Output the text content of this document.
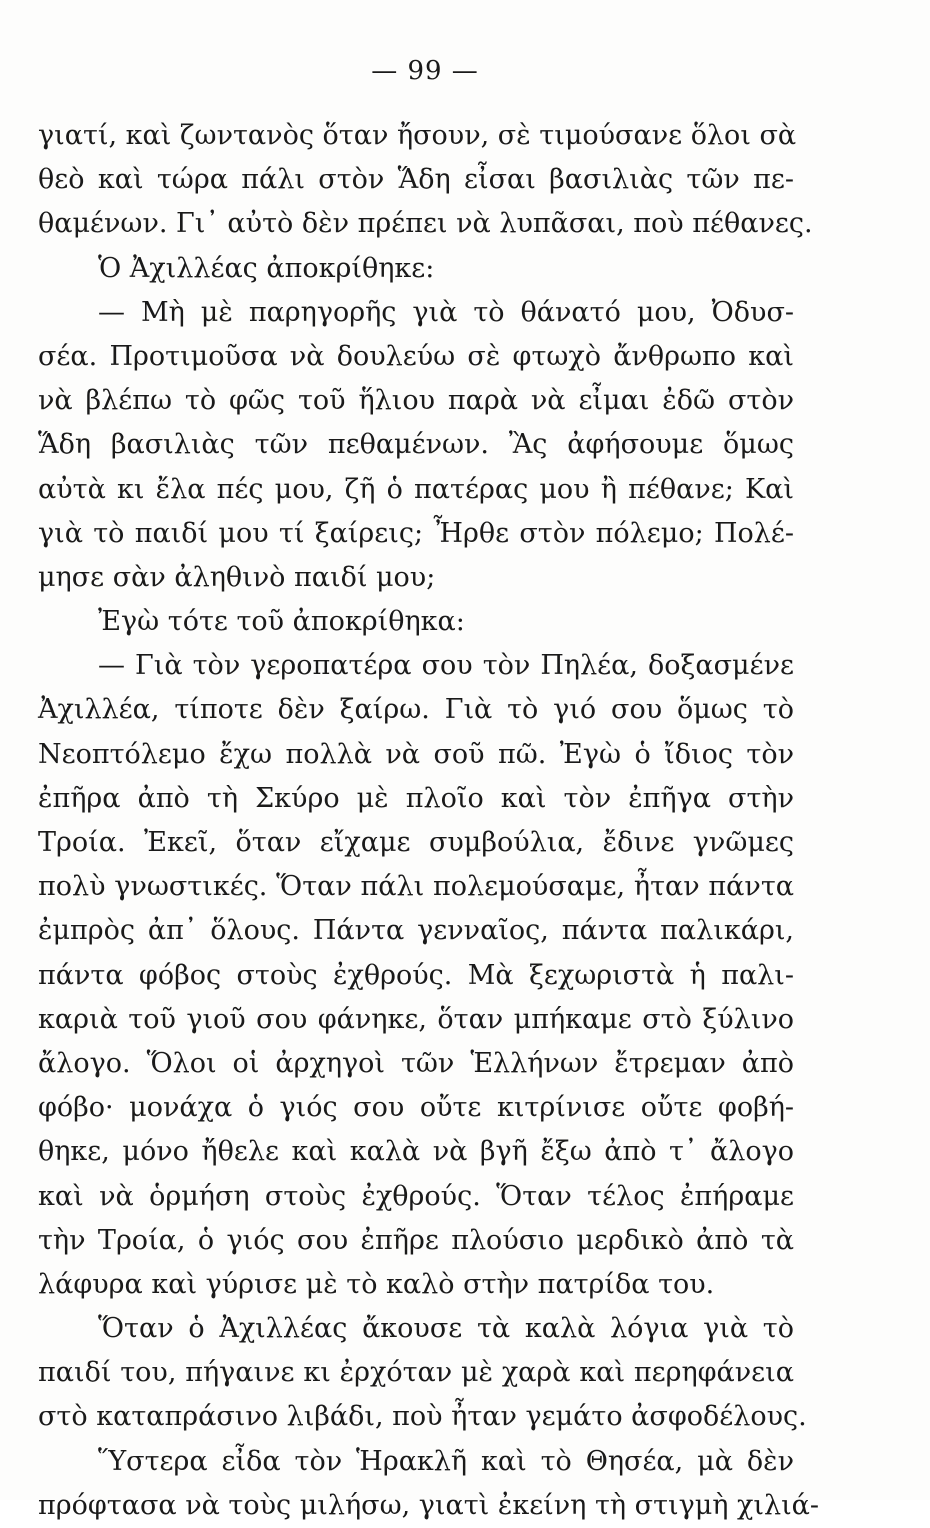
— 99 —
γιατί, καὶ ζωντανὸς ὅταν ἤσουν, σὲ τιμούσανε ὅλοι σὰ
θεὸ καὶ τώρα πάλι στὸν Ἅδη εἶσαι βασιλιὰς τῶν πε-
θαμένων. Γι᾽ αὐτὸ δὲν πρέπει νὰ λυπᾶσαι, ποὺ πέθανες.
Ὁ Ἀχιλλέας ἀποκρίθηκε:
— Μὴ μὲ παρηγορῆς γιὰ τὸ θάνατό μου, Ὀδυσ-
σέα. Προτιμοῦσα νὰ δουλεύω σὲ φτωχὸ ἄνθρωπο καὶ
νὰ βλέπω τὸ φῶς τοῦ ἥλιου παρὰ νὰ εἶμαι ἐδῶ στὸν
Ἅδη βασιλιὰς τῶν πεθαμένων. Ἂς ἀφήσουμε ὅμως
αὐτὰ κι ἔλα πές μου, ζῆ ὁ πατέρας μου ἢ πέθανε; Καὶ
γιὰ τὸ παιδί μου τί ξαίρεις; Ἦρθε στὸν πόλεμο; Πολέ-
μησε σὰν ἀληθινὸ παιδί μου;
Ἐγὼ τότε τοῦ ἀποκρίθηκα:
— Γιὰ τὸν γεροπατέρα σου τὸν Πηλέα, δοξασμένε
Ἀχιλλέα, τίποτε δὲν ξαίρω. Γιὰ τὸ γιό σου ὅμως τὸ
Νεοπτόλεμο ἔχω πολλὰ νὰ σοῦ πῶ. Ἐγὼ ὁ ἴδιος τὸν
ἐπῆρα ἀπὸ τὴ Σκύρο μὲ πλοῖο καὶ τὸν ἐπῆγα στὴν
Τροία. Ἐκεῖ, ὅταν εἴχαμε συμβούλια, ἔδινε γνῶμες
πολὺ γνωστικές. Ὅταν πάλι πολεμούσαμε, ἦταν πάντα
ἐμπρὸς ἀπ᾽ ὅλους. Πάντα γενναῖος, πάντα παλικάρι,
πάντα φόβος στοὺς ἐχθρούς. Μὰ ξεχωριστὰ ἡ παλι-
καριὰ τοῦ γιοῦ σου φάνηκε, ὅταν μπήκαμε στὸ ξύλινο
ἄλογο. Ὅλοι οἱ ἀρχηγοὶ τῶν Ἑλλήνων ἔτρεμαν ἀπὸ
φόβο· μονάχα ὁ γιός σου οὔτε κιτρίνισε οὔτε φοβή-
θηκε, μόνο ἤθελε καὶ καλὰ νὰ βγῆ ἔξω ἀπὸ τ᾽ ἄλογο
καὶ νὰ ὁρμήση στοὺς ἐχθρούς. Ὅταν τέλος ἐπήραμε
τὴν Τροία, ὁ γιός σου ἐπῆρε πλούσιο μερδικὸ ἀπὸ τὰ
λάφυρα καὶ γύρισε μὲ τὸ καλὸ στὴν πατρίδα του.
Ὅταν ὁ Ἀχιλλέας ἄκουσε τὰ καλὰ λόγια γιὰ τὸ
παιδί του, πήγαινε κι ἐρχόταν μὲ χαρὰ καὶ περηφάνεια
στὸ καταπράσινο λιβάδι, ποὺ ἦταν γεμάτο ἀσφοδέλους.
Ὕστερα εἶδα τὸν Ἡρακλῆ καὶ τὸ Θησέα, μὰ δὲν
πρόφτασα νὰ τοὺς μιλήσω, γιατὶ ἐκείνη τὴ στιγμὴ χιλιά-
